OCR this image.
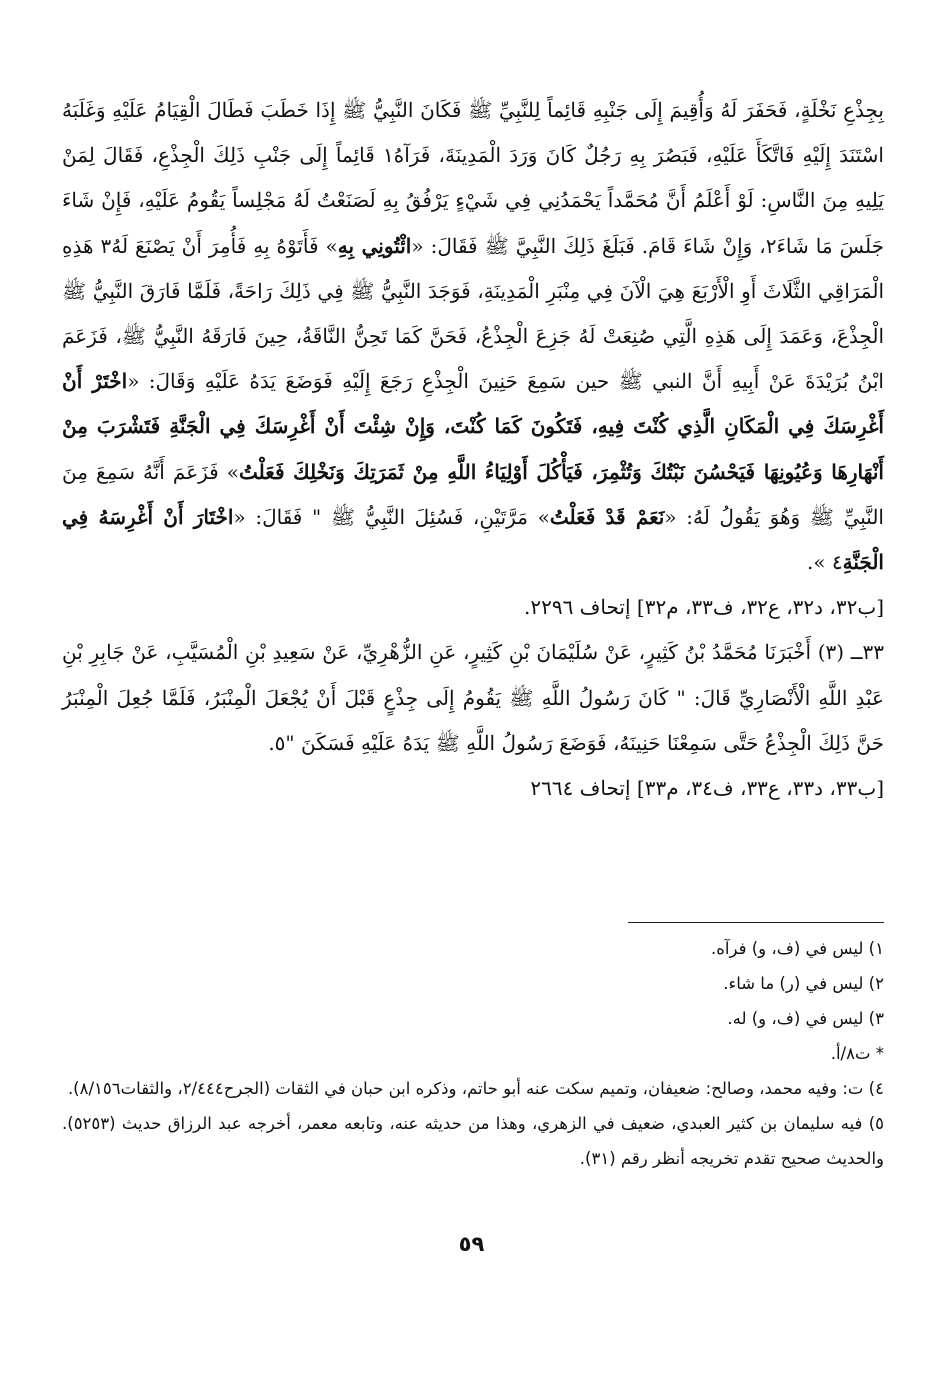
بِجِذْعِ نَخْلَةٍ، فَحَفَرَ لَهُ وَأُقِيمَ إِلَى جَنْبِهِ قَائِماً لِلنَّبِيِّ ﷺ فَكَانَ النَّبِيُّ ﷺ إِذَا خَطَبَ فَطَالَ الْقِيَامُ عَلَيْهِ وَغَلَبَهُ اسْتَنَدَ إِلَيْهِ فَاتَّكَأَ عَلَيْهِ، فَبَصُرَ بِهِ رَجُلٌ كَانَ وَرَدَ الْمَدِينَةَ، فَرَآهُ١ قَائِماً إِلَى جَنْبِ ذَلِكَ الْجِذْعِ، فَقَالَ لِمَنْ يَلِيهِ مِنَ النَّاسِ: لَوْ أَعْلَمُ أَنَّ مُحَمَّداً يَحْمَدُنِي فِي شَيْءٍ يَرْفُقُ بِهِ لَصَنَعْتُ لَهُ مَجْلِساً يَقُومُ عَلَيْهِ، فَإِنْ شَاءَ جَلَسَ مَا شَاءَ٢، وَإِنْ شَاءَ قَامَ. فَبَلَغَ ذَلِكَ النَّبِيَّ ﷺ فَقَالَ: «ائْتُونِي بِهِ» فَأَتَوْهُ بِهِ فَأُمِرَ أَنْ يَصْنَعَ لَهُ٣ هَذِهِ الْمَرَاقِي الثَّلَاثَ أَوِ الْأَرْبَعَ هِيَ الْآنَ فِي مِنْبَرِ الْمَدِينَةِ، فَوَجَدَ النَّبِيُّ ﷺ فِي ذَلِكَ رَاحَةً، فَلَمَّا فَارَقَ النَّبِيُّ ﷺ الْجِذْعَ، وَعَمَدَ إِلَى هَذِهِ الَّتِي صُنِعَتْ لَهُ جَزِعَ الْجِذْعُ، فَحَنَّ كَمَا تَحِنُّ النَّاقَةُ، حِينَ فَارَقَهُ النَّبِيُّ ﷺ، فَزَعَمَ ابْنُ بُرَيْدَةَ عَنْ أَبِيهِ أَنَّ النبي ﷺ حين سَمِعَ حَنِينَ الْجِذْعِ رَجَعَ إِلَيْهِ فَوَضَعَ يَدَهُ عَلَيْهِ وَقَالَ: «اخْتَرْ أَنْ أَغْرِسَكَ فِي الْمَكَانِ الَّذِي كُنْتَ فِيهِ، فَتَكُونَ كَمَا كُنْتَ، وَإِنْ شِئْتَ أَنْ أَغْرِسَكَ فِي الْجَنَّةِ فَتَشْرَبَ مِنْ أَنْهَارِهَا وَعُيُونِهَا فَيَحْسُنَ نَبْتُكَ وَتُثْمِرَ، فَيَأْكُلَ أَوْلِيَاءُ اللَّهِ مِنْ ثَمَرَتِكَ وَنَخْلِكَ فَعَلْتُ» فَزَعَمَ أَنَّهُ سَمِعَ مِنَ النَّبِيِّ ﷺ وَهُوَ يَقُولُ لَهُ: «نَعَمْ قَدْ فَعَلْتُ» مَرَّتَيْنِ، فَسُئِلَ النَّبِيُّ ﷺ " فَقَالَ: «اخْتَارَ أَنْ أَغْرِسَهُ فِي الْجَنَّةِ٤ ».

[ب٣٢، د٣٢، ع٣٢، ف٣٣، م٣٢] إتحاف ٢٢٩٦.

٣٣ــ (٣) أَخْبَرَنَا مُحَمَّدُ بْنُ كَثِيرٍ، عَنْ سُلَيْمَانَ بْنِ كَثِيرٍ، عَنِ الزُّهْرِيِّ، عَنْ سَعِيدِ بْنِ الْمُسَيَّبِ، عَنْ جَابِرِ بْنِ عَبْدِ اللَّهِ الْأَنْصَارِيِّ قَالَ: " كَانَ رَسُولُ اللَّهِ ﷺ يَقُومُ إِلَى جِذْعٍ قَبْلَ أَنْ يُجْعَلَ الْمِنْبَرُ، فَلَمَّا جُعِلَ الْمِنْبَرُ حَنَّ ذَلِكَ الْجِذْعُ حَتَّى سَمِعْنَا حَنِينَهُ، فَوَضَعَ رَسُولُ اللَّهِ ﷺ يَدَهُ عَلَيْهِ فَسَكَنَ "٥.

[ب٣٣، د٣٣، ع٣٣، ف٣٤، م٣٣] إتحاف ٢٦٦٤
١) ليس في (ف، و) فرآه.
٢) ليس في (ر) ما شاء.
٣) ليس في (ف، و) له.
* ت٨/أ.
٤) ت: وفيه محمد، وصالح: ضعيفان، وتميم سكت عنه أبو حاتم، وذكره ابن حبان في الثقات (الجرح٢/٤٤٤، والثقات٨/١٥٦).
٥) فيه سليمان بن كثير العبدي، ضعيف في الزهري، وهذا من حديثه عنه، وتابعه معمر، أخرجه عبد الرزاق حديث (٥٢٥٣). والحديث صحيح تقدم تخريجه أنظر رقم (٣١).
٥٩
